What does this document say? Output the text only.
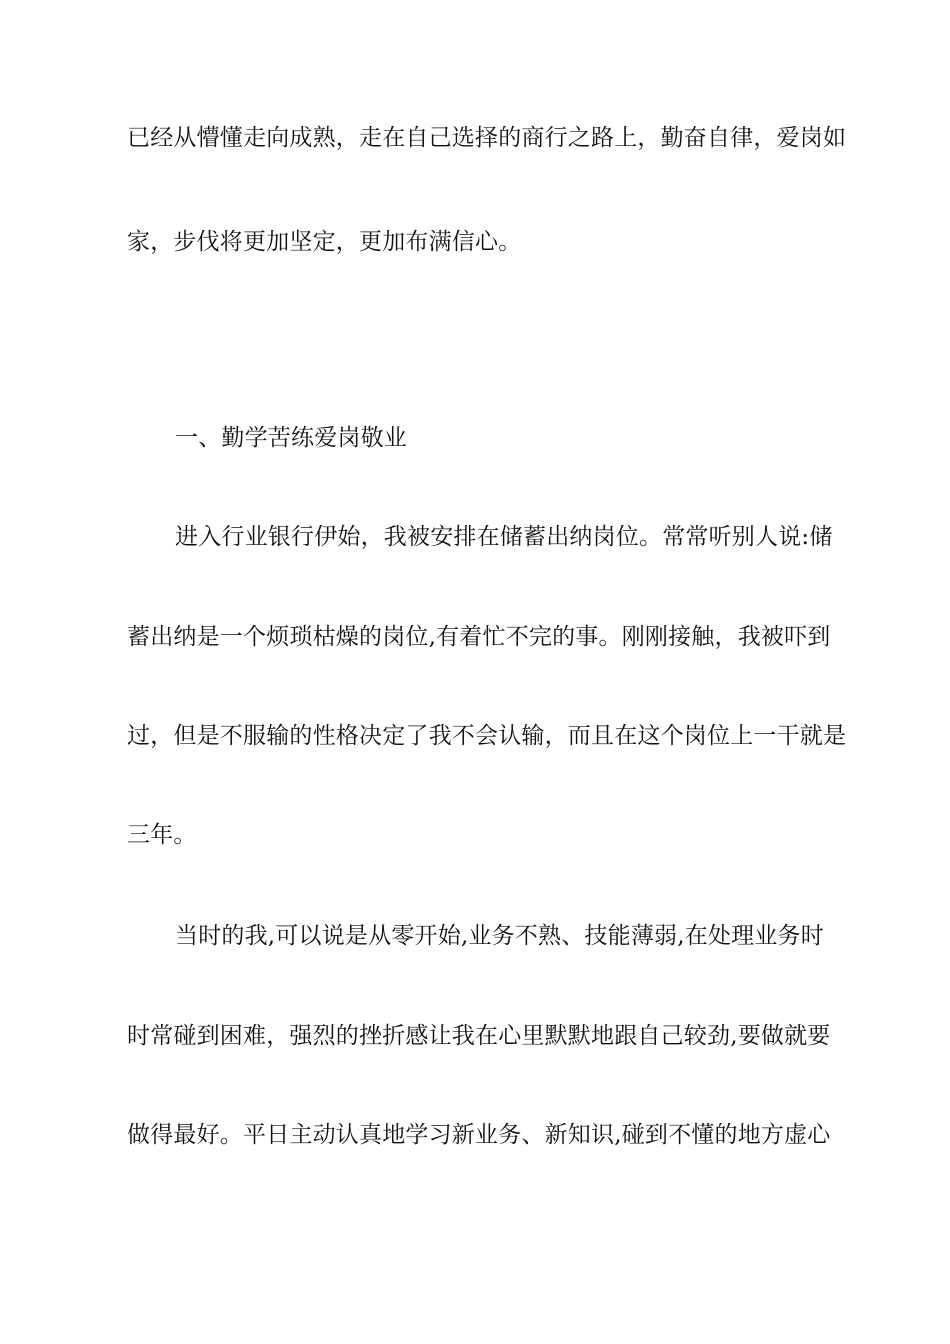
已经从懵懂走向成熟，走在自己选择的商行之路上，勤奋自律，爱岗如
家，步伐将更加坚定，更加布满信心。
一、勤学苦练爱岗敬业
进入行业银行伊始，我被安排在储蓄出纳岗位。常常听别人说:储
蓄出纳是一个烦琐枯燥的岗位,有着忙不完的事。刚刚接触，我被吓到
过，但是不服输的性格决定了我不会认输，而且在这个岗位上一干就是
三年。
当时的我,可以说是从零开始,业务不熟、技能薄弱,在处理业务时
时常碰到困难，强烈的挫折感让我在心里默默地跟自己较劲,要做就要
做得最好。平日主动认真地学习新业务、新知识,碰到不懂的地方虚心
